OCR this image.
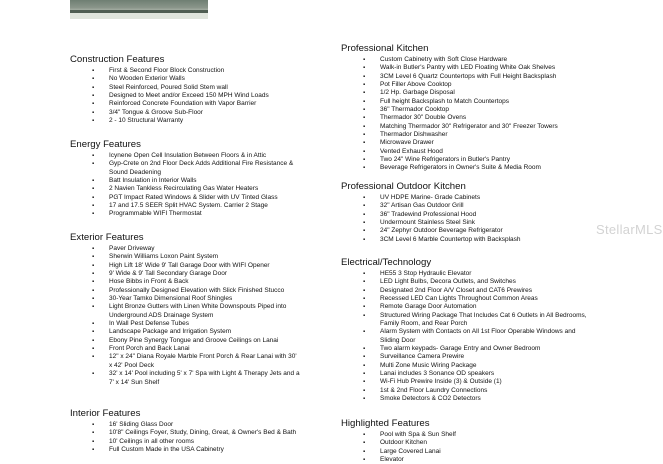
Construction Features
▪ First & Second Floor Block Construction
▪ No Wooden Exterior Walls
▪ Steel Reinforced, Poured Solid Stem wall
▪ Designed to Meet and/or Exceed 150 MPH Wind Loads
▪ Reinforced Concrete Foundation with Vapor Barrier
▪ 3/4" Tongue & Groove Sub-Floor
▪ 2 - 10 Structural Warranty
Energy Features
▪ Icynene Open Cell Insulation Between Floors & in Attic
▪ Gyp-Crete on 2nd Floor Deck Adds Additional Fire Resistance & Sound Deadening
▪ Batt Insulation in Interior Walls
▪ 2 Navien Tankless Recirculating Gas Water Heaters
▪ PGT Impact Rated Windows & Slider with UV Tinted Glass
▪ 17 and 17.5 SEER Split HVAC System. Carrier 2 Stage
▪ Programmable WIFI Thermostat
Exterior Features
▪ Paver Driveway
▪ Sherwin Williams Loxon Paint System
▪ High Lift 18' Wide 9' Tall Garage Door with WIFI Opener
▪ 9' Wide & 9' Tall Secondary Garage Door
▪ Hose Bibbs in Front & Back
▪ Professionally Designed Elevation with Slick Finished Stucco
▪ 30-Year Tamko Dimensional Roof Shingles
▪ Light Bronze Gutters with Linen White Downspouts Piped into Underground ADS Drainage System
▪ In Wall Pest Defense Tubes
▪ Landscape Package and Irrigation System
▪ Ebony Pine Synergy Tongue and Groove Ceilings on Lanai
▪ Front Porch and Back Lanai
▪ 12" x 24" Diana Royale Marble Front Porch & Rear Lanai with 30' x 42' Pool Deck
▪ 32' x 14' Pool including 5' x 7' Spa with Light & Therapy Jets and a 7' x 14' Sun Shelf
Interior Features
▪ 16' Sliding Glass Door
▪ 10'8" Ceilings Foyer, Study, Dining, Great, & Owner's Bed & Bath
▪ 10' Ceilings in all other rooms
▪ Full Custom Made in the USA Cabinetry
Professional Kitchen
▪ Custom Cabinetry with Soft Close Hardware
▪ Walk-in Butler's Pantry with LED Floating White Oak Shelves
▪ 3CM Level 6 Quartz Countertops with Full Height Backsplash
▪ Pot Filler Above Cooktop
▪ 1/2 Hp. Garbage Disposal
▪ Full height Backsplash to Match Countertops
▪ 36" Thermador Cooktop
▪ Thermador 30" Double Ovens
▪ Matching Thermador 30" Refrigerator and 30" Freezer Towers
▪ Thermador Dishwasher
▪ Microwave Drawer
▪ Vented Exhaust Hood
▪ Two 24" Wine Refrigerators in Butler's Pantry
▪ Beverage Refrigerators in Owner's Suite & Media Room
Professional Outdoor Kitchen
▪ UV HDPE Marine- Grade Cabinets
▪ 32" Artisan Gas Outdoor Grill
▪ 36" Tradewind Professional Hood
▪ Undermount Stainless Steel Sink
▪ 24" Zephyr Outdoor Beverage Refrigerator
▪ 3CM Level 6 Marble Countertop with Backsplash
Electrical/Technology
▪ HE55 3 Stop Hydraulic Elevator
▪ LED Light Bulbs, Decora Outlets, and Switches
▪ Designated 2nd Floor A/V Closet and CAT6 Prewires
▪ Recessed LED Can Lights Throughout Common Areas
▪ Remote Garage Door Automation
▪ Structured Wiring Package That Includes Cat 6 Outlets in All Bedrooms, Family Room, and Rear Porch
▪ Alarm System with Contacts on All 1st Floor Operable Windows and Sliding Door
▪ Two alarm keypads- Garage Entry and Owner Bedroom
▪ Surveillance Camera Prewire
▪ Multi Zone Music Wiring Package
▪ Lanai includes 3 Sonance OD speakers
▪ Wi-Fi Hub Prewire Inside (3) & Outside (1)
▪ 1st & 2nd Floor Laundry Connections
▪ Smoke Detectors & CO2 Detectors
Highlighted Features
▪ Pool with Spa & Sun Shelf
▪ Outdoor Kitchen
▪ Large Covered Lanai
▪ Elevator
StellarMLS
